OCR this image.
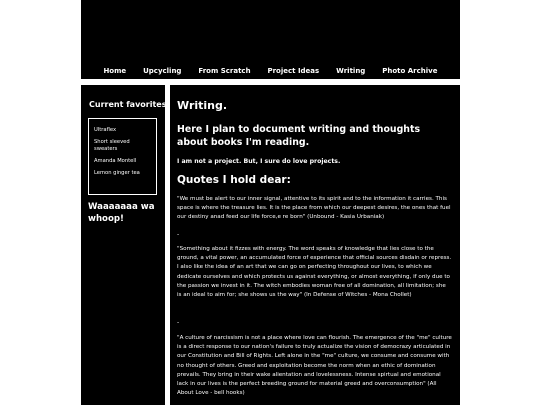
Home Upcycling From Scratch Project Ideas Writing Photo Archive
Current favorites
Ultraflex
Short sleeved sweaters
Amanda Montell
Lemon ginger tea
Waaaaaaa wa whoop!
Writing.
Here I plan to document writing and thoughts about books I'm reading.

I am not a project. But, I sure do love projects.

Quotes I hold dear:

"We must be alert to our inner signal, attentive to its spirit and to the information it carries. This space is where the treasure lies. It is the place from which our deepest desires, the ones that fuel our destiny anad feed our life force,e re born" (Unbound - Kasia Urbaniak)

-

"Something about it fizzes with energy. The word speaks of knowledge that lies close to the ground, a vital power, an accumulated force of experience that official sources disdain or repress. I also like the idea of an art that we can go on perfecting throughout our lives, to which we dedicate ourselves and which protects us against everything, or almost everything, if only due to the passion we invest in it. The witch embodies woman free of all domination, all limitation; she is an ideal to aim for; she shows us the way" (In Defense of Witches - Mona Chollet)

-

"A culture of narcissism is not a place where love can flourish. The emergence of the "me" culture is a direct response to our nation's failure to truly actualize the vision of democrazy articulated in our Constitution and Bill of Rights. Left alone in the "me" culture, we consume and consume with no thought of others. Greed and exploitation become the norm when an ethic of domination prevails. They bring in their wake alientation and lovelessness. Intense spirtual and emotional lack in our lives is the perfect breeding ground for material greed and overconsumption" (All About Love - bell hooks)
